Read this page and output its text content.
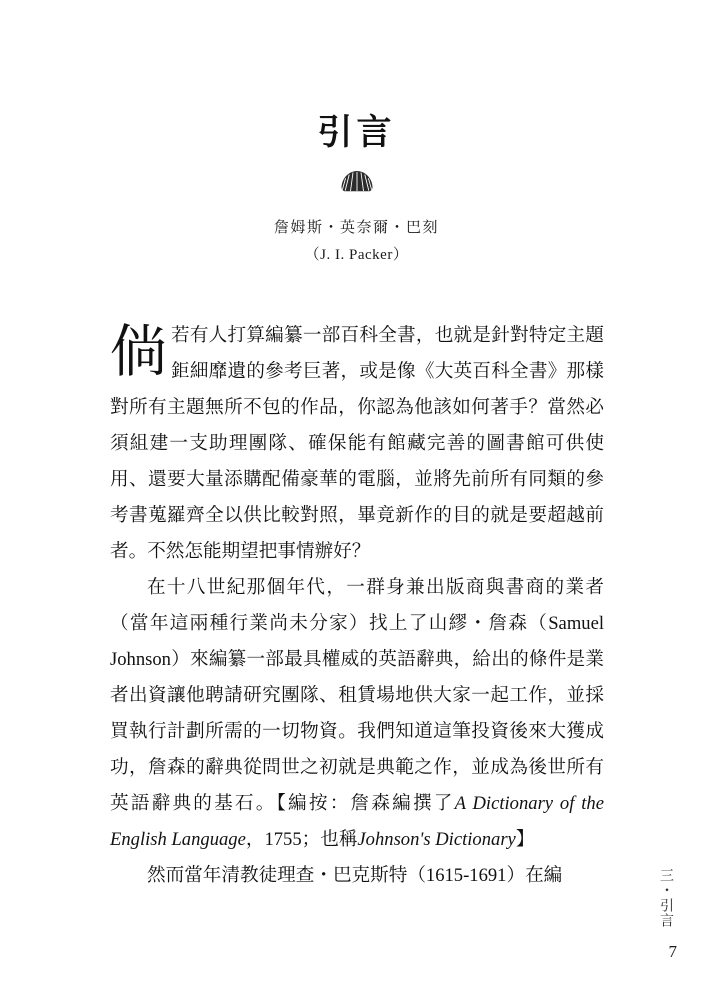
引言
詹姆斯・英奈爾・巴刻
（J. I. Packer）

倘若有人打算編纂一部百科全書，也就是針對特定主題鉅細靡遺的參考巨著，或是像《大英百科全書》那樣對所有主題無所不包的作品，你認為他該如何著手？當然必須組建一支助理團隊、確保能有館藏完善的圖書館可供使用、還要大量添購配備豪華的電腦，並將先前所有同類的參考書蒐羅齊全以供比較對照，畢竟新作的目的就是要超越前者。不然怎能期望把事情辦好？

在十八世紀那個年代，一群身兼出版商與書商的業者（當年這兩種行業尚未分家）找上了山繆・詹森（Samuel Johnson）來編纂一部最具權威的英語辭典，給出的條件是業者出資讓他聘請研究團隊、租賃場地供大家一起工作，並採買執行計劃所需的一切物資。我們知道這筆投資後來大獲成功，詹森的辭典從問世之初就是典範之作，並成為後世所有英語辭典的基石。【編按：詹森編撰了A Dictionary of the English Language，1755；也稱Johnson's Dictionary】

然而當年清教徒理查・巴克斯特（1615-1691）在編	三・引言
7
